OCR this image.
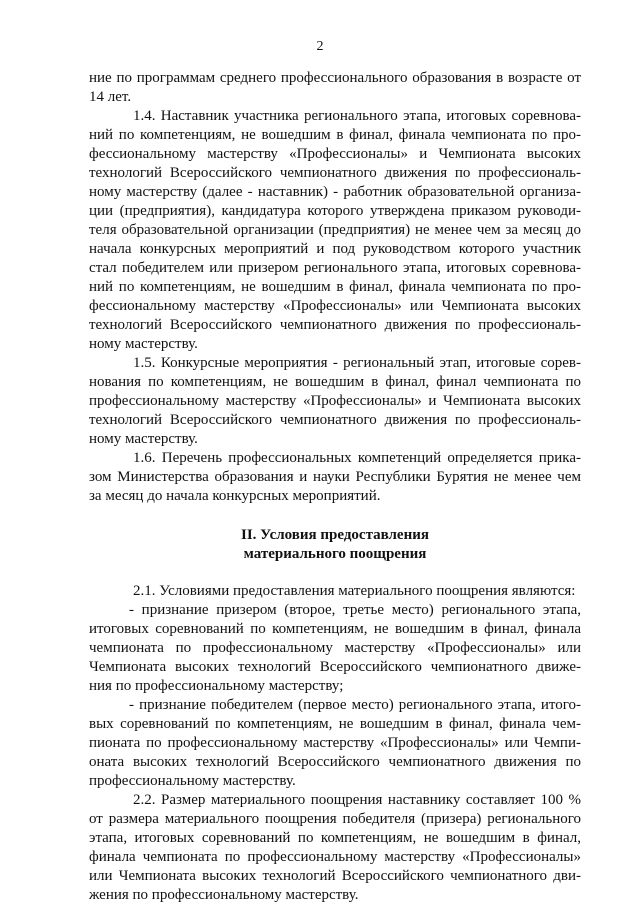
2
ние по программам среднего профессионального образования в возрасте от
14 лет.
1.4. Наставник участника регионального этапа, итоговых соревнова-
ний по компетенциям, не вошедшим в финал, финала чемпионата по про-
фессиональному мастерству «Профессионалы» и Чемпионата высоких
технологий Всероссийского чемпионатного движения по профессиональ-
ному мастерству (далее - наставник) - работник образовательной организа-
ции (предприятия), кандидатура которого утверждена приказом руководи-
теля образовательной организации (предприятия) не менее чем за месяц до
начала конкурсных мероприятий и под руководством которого участник
стал победителем или призером регионального этапа, итоговых соревнова-
ний по компетенциям, не вошедшим в финал, финала чемпионата по про-
фессиональному мастерству «Профессионалы» или Чемпионата высоких
технологий Всероссийского чемпионатного движения по профессиональ-
ному мастерству.
1.5. Конкурсные мероприятия - региональный этап, итоговые сорев-
нования по компетенциям, не вошедшим в финал, финал чемпионата по
профессиональному мастерству «Профессионалы» и Чемпионата высоких
технологий Всероссийского чемпионатного движения по профессиональ-
ному мастерству.
1.6. Перечень профессиональных компетенций определяется прика-
зом Министерства образования и науки Республики Бурятия не менее чем
за месяц до начала конкурсных мероприятий.
II. Условия предоставления
материального поощрения
2.1. Условиями предоставления материального поощрения являются:
- признание призером (второе, третье место) регионального этапа,
итоговых соревнований по компетенциям, не вошедшим в финал, финала
чемпионата по профессиональному мастерству «Профессионалы» или
Чемпионата высоких технологий Всероссийского чемпионатного движе-
ния по профессиональному мастерству;
- признание победителем (первое место) регионального этапа, итого-
вых соревнований по компетенциям, не вошедшим в финал, финала чем-
пионата по профессиональному мастерству «Профессионалы» или Чемпи-
оната высоких технологий Всероссийского чемпионатного движения по
профессиональному мастерству.
2.2. Размер материального поощрения наставнику составляет 100 %
от размера материального поощрения победителя (призера) регионального
этапа, итоговых соревнований по компетенциям, не вошедшим в финал,
финала чемпионата по профессиональному мастерству «Профессионалы»
или Чемпионата высоких технологий Всероссийского чемпионатного дви-
жения по профессиональному мастерству.
